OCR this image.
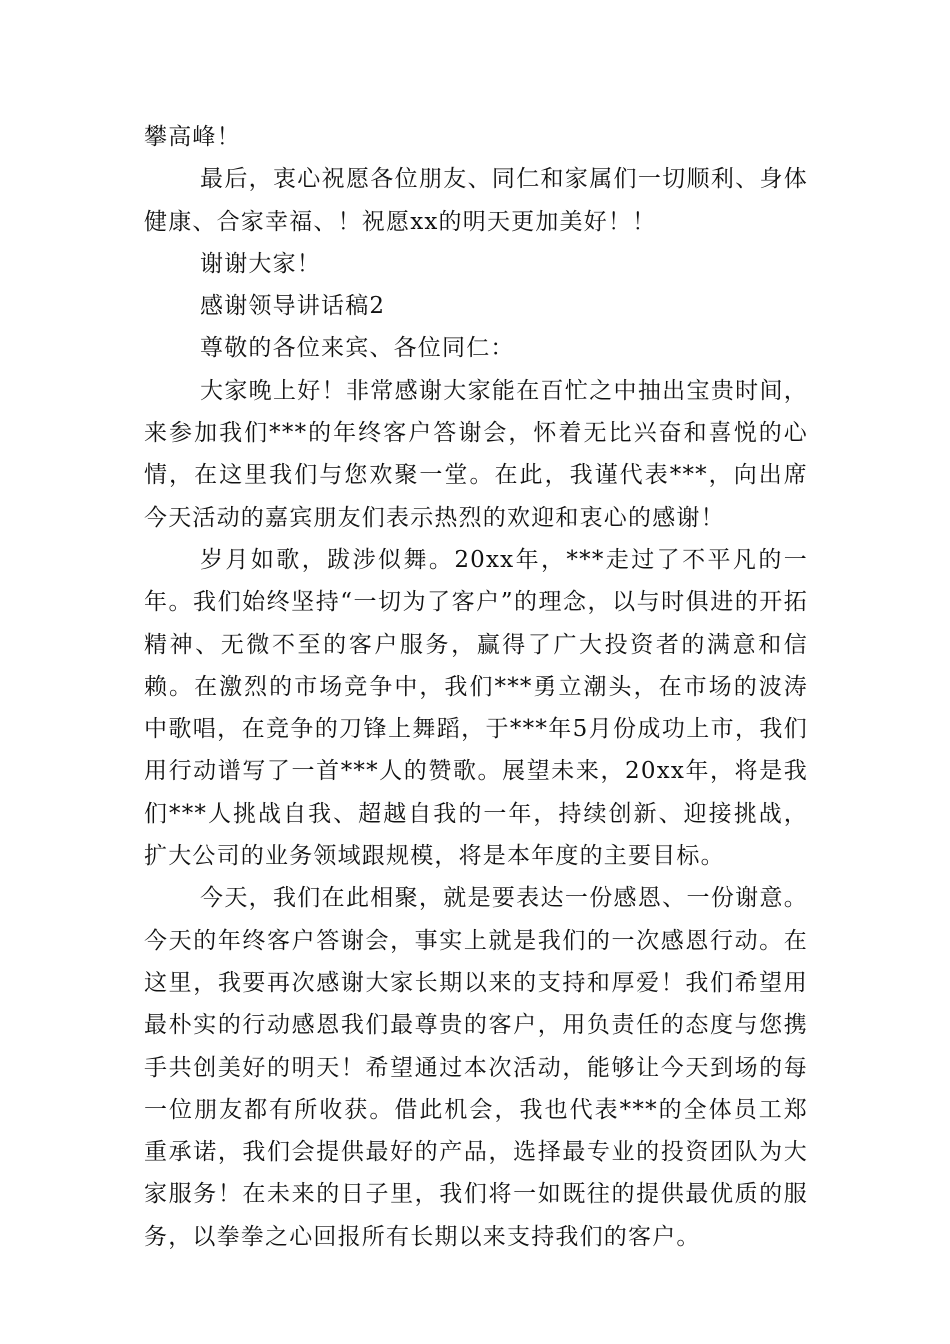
攀高峰！

最后，衷心祝愿各位朋友、同仁和家属们一切顺利、身体健康、合家幸福、！祝愿xx的明天更加美好！！

谢谢大家！

感谢领导讲话稿2

尊敬的各位来宾、各位同仁：

大家晚上好！非常感谢大家能在百忙之中抽出宝贵时间，来参加我们***的年终客户答谢会，怀着无比兴奋和喜悦的心情，在这里我们与您欢聚一堂。在此，我谨代表***，向出席今天活动的嘉宾朋友们表示热烈的欢迎和衷心的感谢！

岁月如歌，跋涉似舞。20xx年，***走过了不平凡的一年。我们始终坚持“一切为了客户”的理念，以与时俱进的开拓精神、无微不至的客户服务，赢得了广大投资者的满意和信赖。在激烈的市场竞争中，我们***勇立潮头，在市场的波涛中歌唱，在竞争的刀锋上舞蹈，于***年5月份成功上市，我们用行动谱写了一首***人的赞歌。展望未来，20xx年，将是我们***人挑战自我、超越自我的一年，持续创新、迎接挑战，扩大公司的业务领域跟规模，将是本年度的主要目标。

今天，我们在此相聚，就是要表达一份感恩、一份谢意。今天的年终客户答谢会，事实上就是我们的一次感恩行动。在这里，我要再次感谢大家长期以来的支持和厚爱！我们希望用最朴实的行动感恩我们最尊贵的客户，用负责任的态度与您携手共创美好的明天！希望通过本次活动，能够让今天到场的每一位朋友都有所收获。借此机会，我也代表***的全体员工郑重承诺，我们会提供最好的产品，选择最专业的投资团队为大家服务！在未来的日子里，我们将一如既往的提供最优质的服务，以拳拳之心回报所有长期以来支持我们的客户。
